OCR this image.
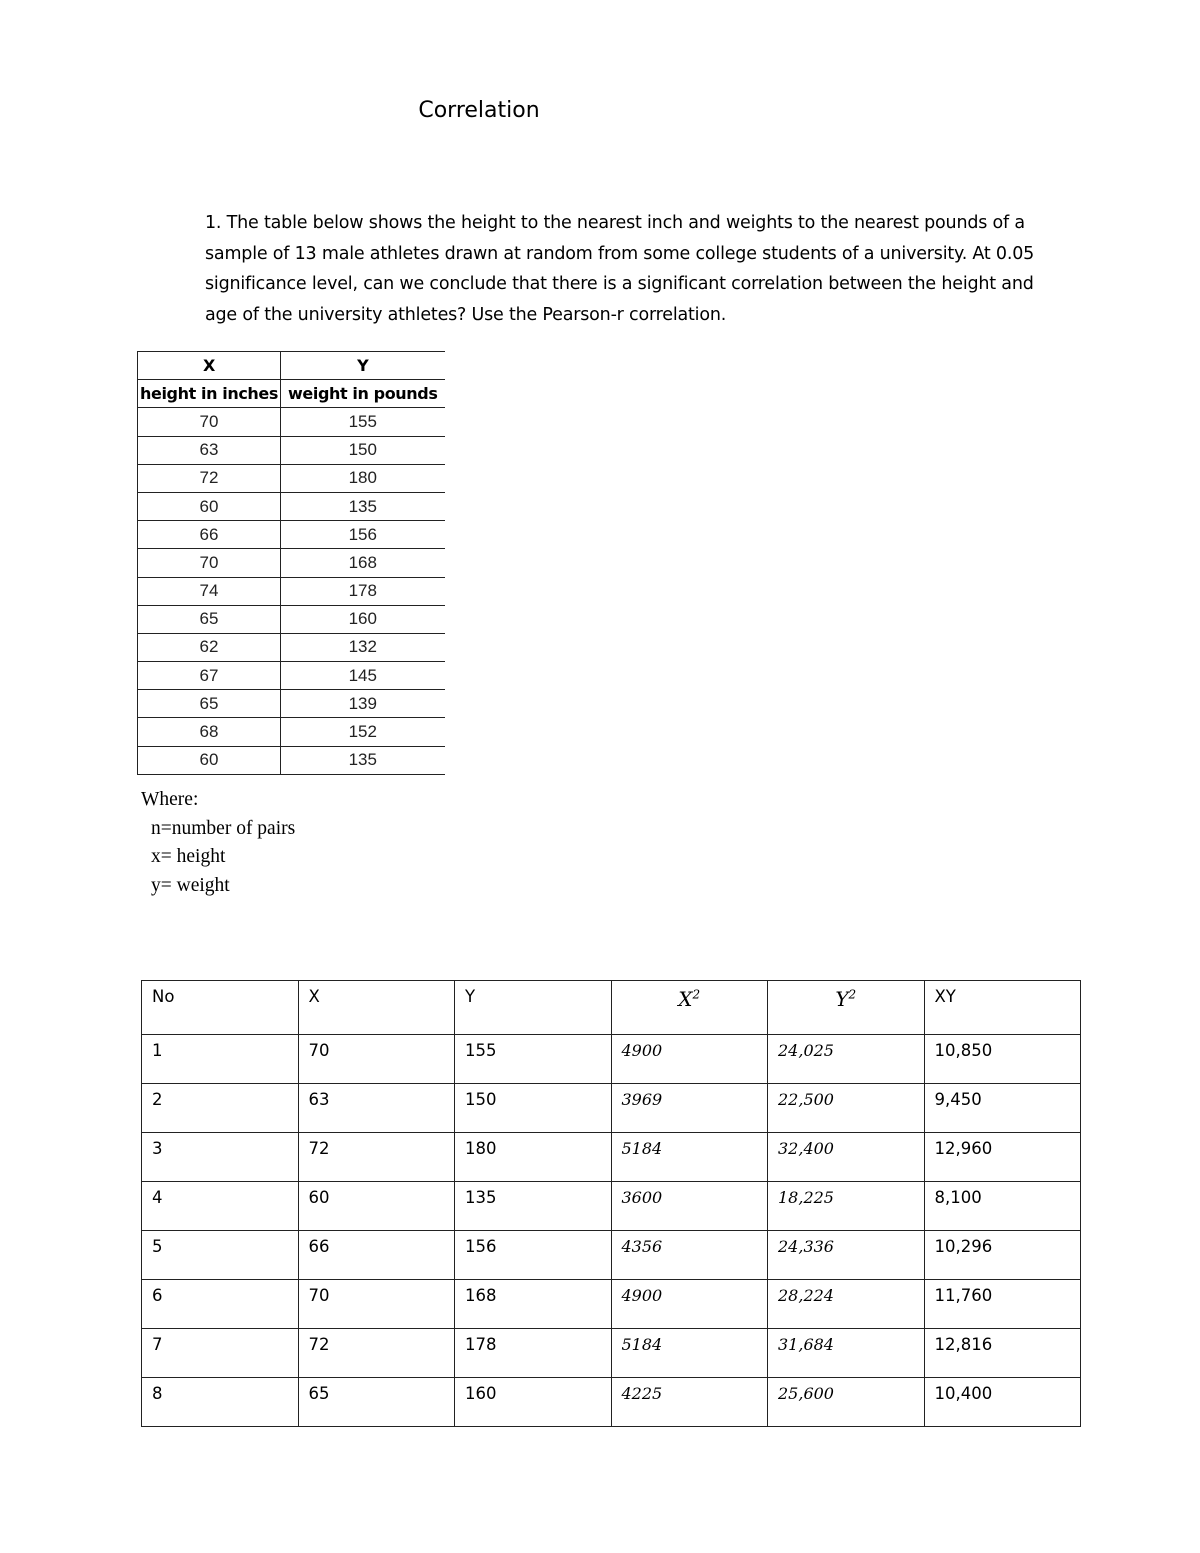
Correlation

1. The table below shows the height to the nearest inch and weights to the nearest pounds of a

sample of 13 male athletes drawn at random from some college students of a university. At 0.05

significance level, can we conclude that there is a significant correlation between the height and

age of the university athletes? Use the Pearson-r correlation.

X	Y
height in inches	weight in pounds
70	155
63	150
72	180
60	135
66	156
70	168
74	178
65	160
62	132
67	145
65	139
68	152
60	135
Where:
n=number of pairs
x= height
y= weight
No	X	Y	$X^2$	$Y^2$	XY
1	70	155	4900	24,025	10,850
2	63	150	3969	22,500	9,450
3	72	180	5184	32,400	12,960
4	60	135	3600	18,225	8,100
5	66	156	4356	24,336	10,296
6	70	168	4900	28,224	11,760
7	72	178	5184	31,684	12,816
8	65	160	4225	25,600	10,400
